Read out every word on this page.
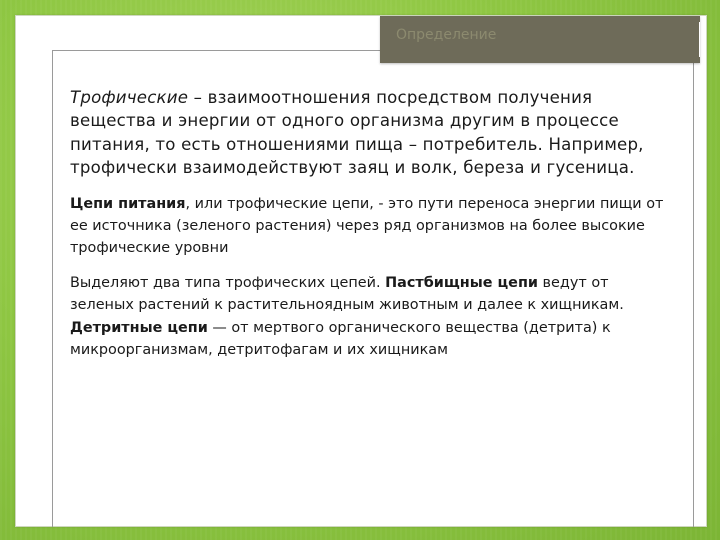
Определение

Трофические – взаимоотношения посредством получения вещества и энергии от одного организма другим в процессе питания, то есть отношениями пища – потребитель. Например, трофически взаимодействуют заяц и волк, береза и гусеница.

Цепи питания, или трофические цепи, - это пути переноса энергии пищи от ее источника (зеленого растения) через ряд организмов на более высокие трофические уровни

Выделяют два типа трофических цепей. Пастбищные цепи ведут от зеленых растений к растительноядным животным и далее к хищникам. Детритные цепи — от мертвого органического вещества (детрита) к микроорганизмам, детритофагам и их хищникам
